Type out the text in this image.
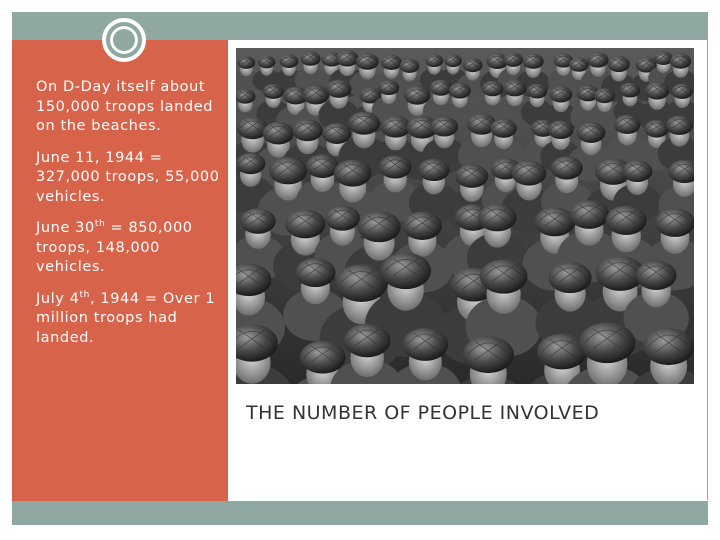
On D-Day itself about 150,000 troops landed on the beaches.
June 11, 1944 = 327,000 troops, 55,000 vehicles.
June 30th = 850,000 troops, 148,000 vehicles.
July 4th, 1944 = Over 1 million troops had landed.
THE NUMBER OF PEOPLE INVOLVED
